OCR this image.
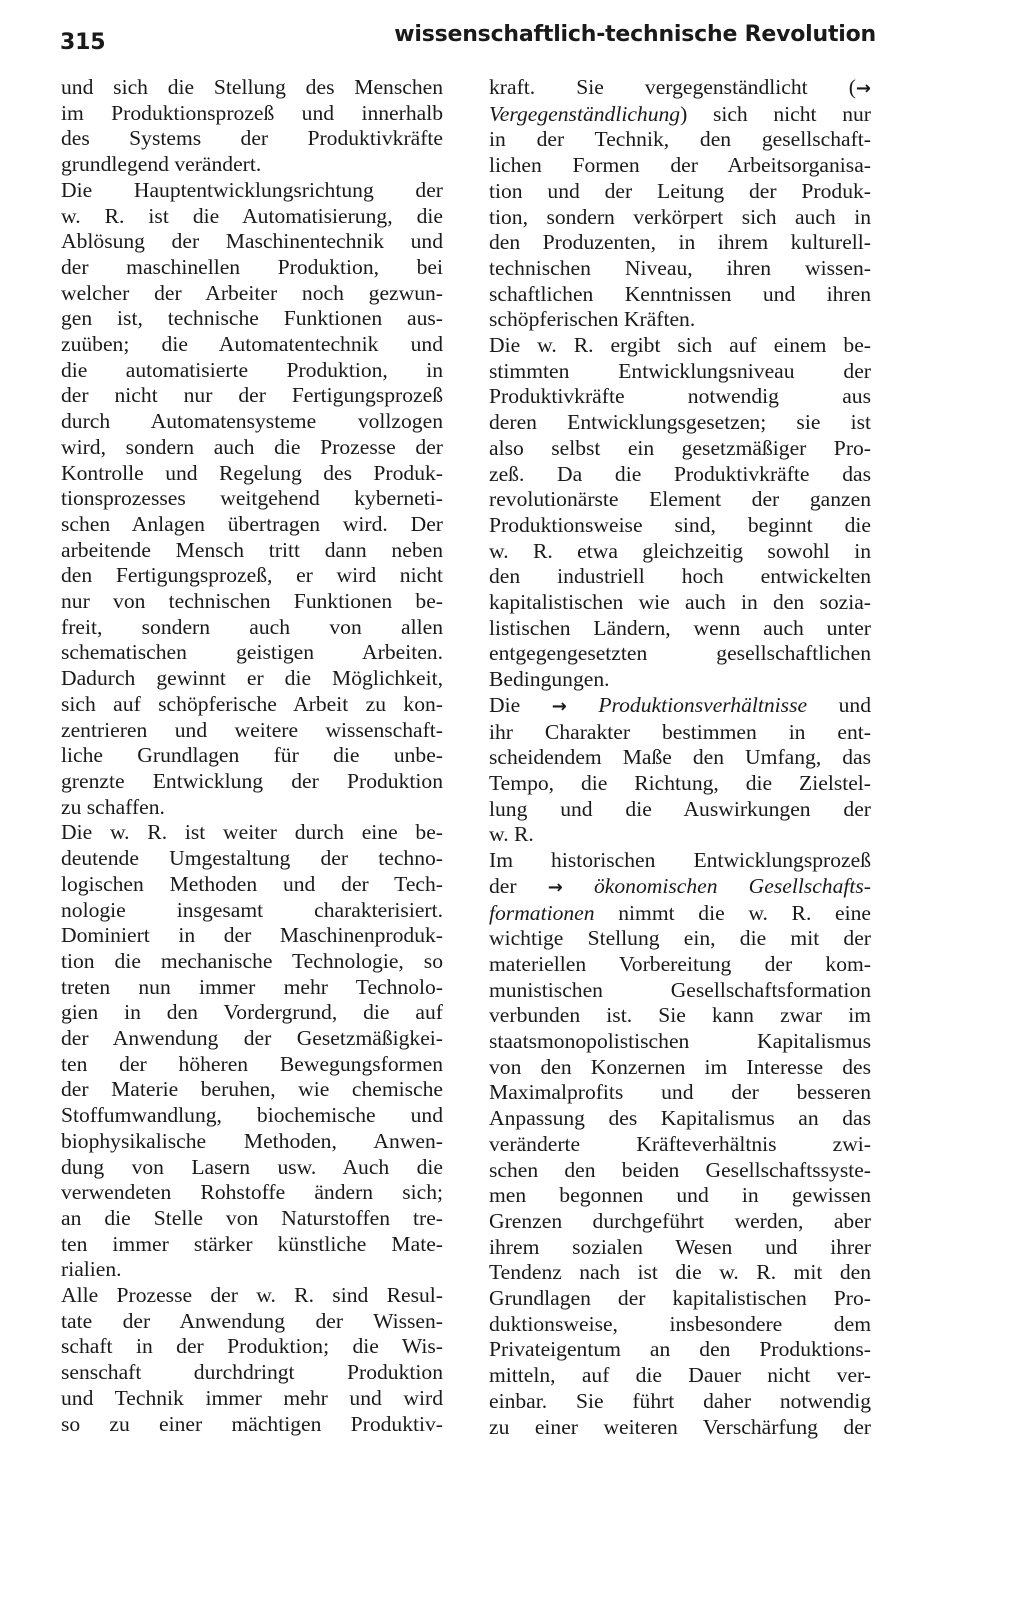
315	wissenschaftlich-technische Revolution
und sich die Stellung des Menschen
im Produktionsprozeß und innerhalb
des Systems der Produktivkräfte
grundlegend verändert.
Die Hauptentwicklungsrichtung der
w. R. ist die Automatisierung, die
Ablösung der Maschinentechnik und
der maschinellen Produktion, bei
welcher der Arbeiter noch gezwun-
gen ist, technische Funktionen aus-
zuüben; die Automatentechnik und
die automatisierte Produktion, in
der nicht nur der Fertigungsprozeß
durch Automatensysteme vollzogen
wird, sondern auch die Prozesse der
Kontrolle und Regelung des Produk-
tionsprozesses weitgehend kyberneti-
schen Anlagen übertragen wird. Der
arbeitende Mensch tritt dann neben
den Fertigungsprozeß, er wird nicht
nur von technischen Funktionen be-
freit, sondern auch von allen
schematischen geistigen Arbeiten.
Dadurch gewinnt er die Möglichkeit,
sich auf schöpferische Arbeit zu kon-
zentrieren und weitere wissenschaft-
liche Grundlagen für die unbe-
grenzte Entwicklung der Produktion
zu schaffen.
Die w. R. ist weiter durch eine be-
deutende Umgestaltung der techno-
logischen Methoden und der Tech-
nologie insgesamt charakterisiert.
Dominiert in der Maschinenproduk-
tion die mechanische Technologie, so
treten nun immer mehr Technolo-
gien in den Vordergrund, die auf
der Anwendung der Gesetzmäßigkei-
ten der höheren Bewegungsformen
der Materie beruhen, wie chemische
Stoffumwandlung, biochemische und
biophysikalische Methoden, Anwen-
dung von Lasern usw. Auch die
verwendeten Rohstoffe ändern sich;
an die Stelle von Naturstoffen tre-
ten immer stärker künstliche Mate-
rialien.
Alle Prozesse der w. R. sind Resul-
tate der Anwendung der Wissen-
schaft in der Produktion; die Wis-
senschaft durchdringt Produktion
und Technik immer mehr und wird
so zu einer mächtigen Produktiv-
kraft. Sie vergegenständlicht (→
Vergegenständlichung) sich nicht nur
in der Technik, den gesellschaft-
lichen Formen der Arbeitsorganisa-
tion und der Leitung der Produk-
tion, sondern verkörpert sich auch in
den Produzenten, in ihrem kulturell-
technischen Niveau, ihren wissen-
schaftlichen Kenntnissen und ihren
schöpferischen Kräften.
Die w. R. ergibt sich auf einem be-
stimmten Entwicklungsniveau der
Produktivkräfte notwendig aus
deren Entwicklungsgesetzen; sie ist
also selbst ein gesetzmäßiger Pro-
zeß. Da die Produktivkräfte das
revolutionärste Element der ganzen
Produktionsweise sind, beginnt die
w. R. etwa gleichzeitig sowohl in
den industriell hoch entwickelten
kapitalistischen wie auch in den sozia-
listischen Ländern, wenn auch unter
entgegengesetzten gesellschaftlichen
Bedingungen.
Die → Produktionsverhältnisse und
ihr Charakter bestimmen in ent-
scheidendem Maße den Umfang, das
Tempo, die Richtung, die Zielstel-
lung und die Auswirkungen der
w. R.
Im historischen Entwicklungsprozeß
der → ökonomischen Gesellschafts-
formationen nimmt die w. R. eine
wichtige Stellung ein, die mit der
materiellen Vorbereitung der kom-
munistischen Gesellschaftsformation
verbunden ist. Sie kann zwar im
staatsmonopolistischen Kapitalismus
von den Konzernen im Interesse des
Maximalprofits und der besseren
Anpassung des Kapitalismus an das
veränderte Kräfteverhältnis zwi-
schen den beiden Gesellschaftssyste-
men begonnen und in gewissen
Grenzen durchgeführt werden, aber
ihrem sozialen Wesen und ihrer
Tendenz nach ist die w. R. mit den
Grundlagen der kapitalistischen Pro-
duktionsweise, insbesondere dem
Privateigentum an den Produktions-
mitteln, auf die Dauer nicht ver-
einbar. Sie führt daher notwendig
zu einer weiteren Verschärfung der
